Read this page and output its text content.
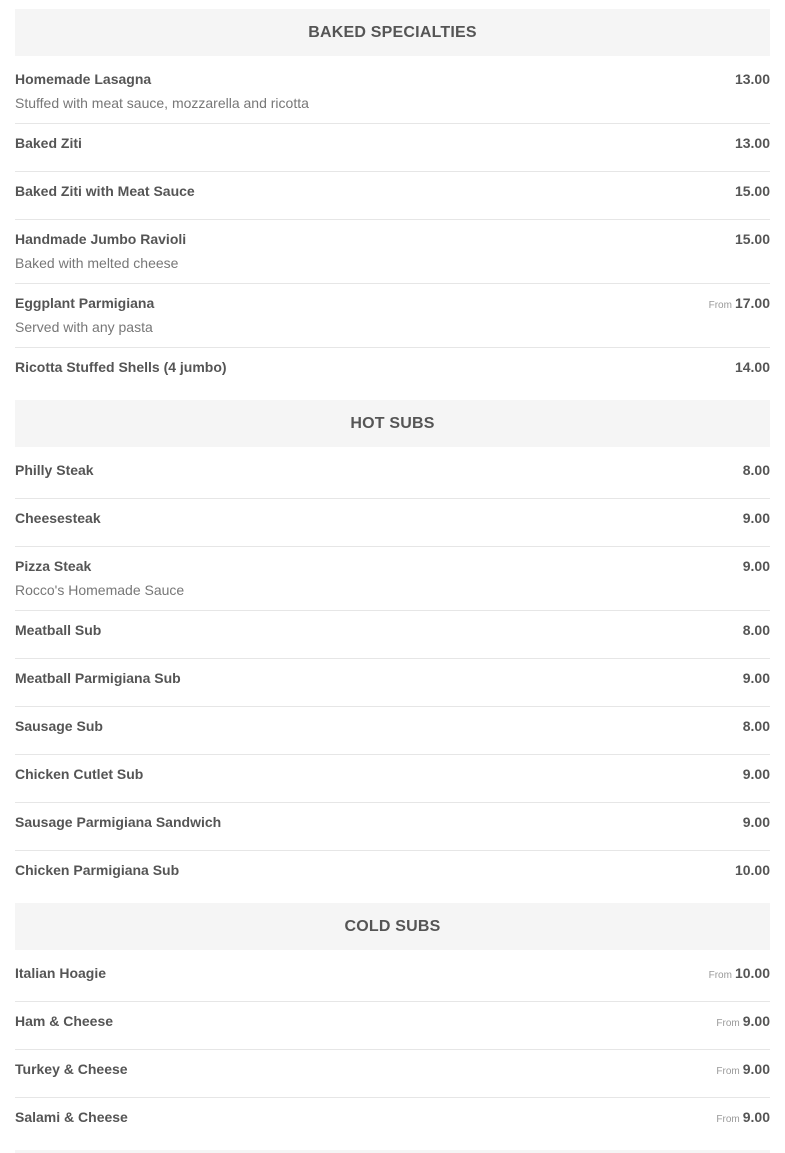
BAKED SPECIALTIES
Homemade Lasagna	13.00
Stuffed with meat sauce, mozzarella and ricotta
Baked Ziti	13.00
Baked Ziti with Meat Sauce	15.00
Handmade Jumbo Ravioli	15.00
Baked with melted cheese
Eggplant Parmigiana	From 17.00
Served with any pasta
Ricotta Stuffed Shells (4 jumbo)	14.00
HOT SUBS
Philly Steak	8.00
Cheesesteak	9.00
Pizza Steak	9.00
Rocco's Homemade Sauce
Meatball Sub	8.00
Meatball Parmigiana Sub	9.00
Sausage Sub	8.00
Chicken Cutlet Sub	9.00
Sausage Parmigiana Sandwich	9.00
Chicken Parmigiana Sub	10.00
COLD SUBS
Italian Hoagie	From 10.00
Ham & Cheese	From 9.00
Turkey & Cheese	From 9.00
Salami & Cheese	From 9.00
